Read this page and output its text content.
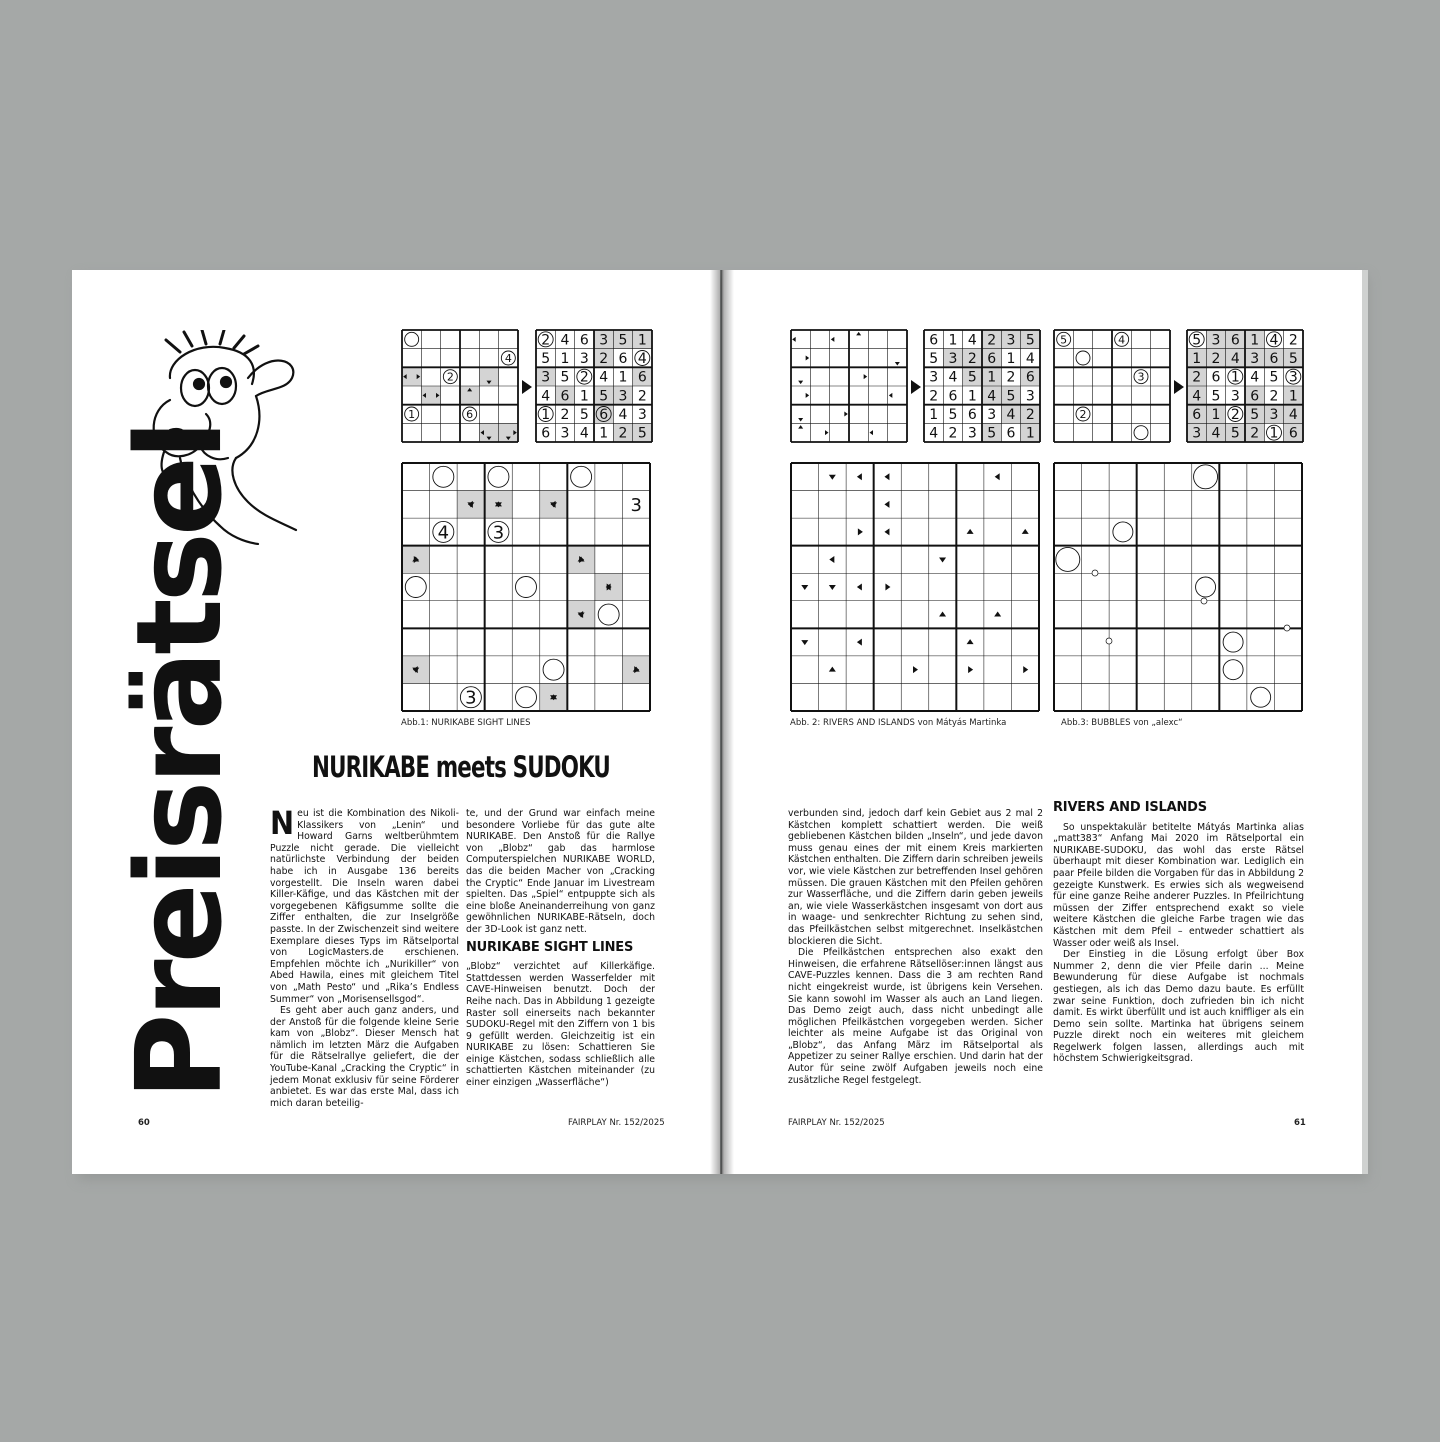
Preisrätsel
4
2
1	6
2 4 6 3 5 1
5 1 3 2 6 4
3 5 2 4 1 6
4 6 1 5 3 2
1 2 5 6 4 3
6 3 4 1 2 5
3
4 3
3
Abb.1: NURIKABE SIGHT LINES
6 1 4 2 3 5
5 3 2 6 1 4
3 4 5 1 2 6
2 6 1 4 5 3
1 5 6 3 4 2
4 2 3 5 6 1
Abb. 2: RIVERS AND ISLANDS von Mátyás Martinka
5	4
3
2
5 3 6 1 4 2
1 2 4 3 6 5
2 6 1 4 5 3
4 5 3 6 2 1
6 1 2 5 3 4
3 4 5 2 1 6
Abb.3: BUBBLES von „alexc“
NURIKABE meets SUDOKU

Neu ist die Kombination des Nikoli-Klassikers von „Lenin“ und Howard Garns weltberühmtem Puzzle nicht gerade. Die vielleicht natürlichste Verbindung der beiden habe ich in Ausgabe 136 bereits vorgestellt. Die Inseln waren dabei Killer-Käfige, und das Kästchen mit der vorgegebenen Käfigsumme sollte die Ziffer enthalten, die zur Inselgröße passte. In der Zwischenzeit sind weitere Exemplare dieses Typs im Rätselportal von LogicMasters.de erschienen. Empfehlen möchte ich „Nurikiller“ von Abed Hawila, eines mit gleichem Titel von „Math Pesto“ und „Rika’s Endless Summer“ von „Morisensellsgod“.

Es geht aber auch ganz anders, und der Anstoß für die folgende kleine Serie kam von „Blobz“. Dieser Mensch hat nämlich im letzten März die Aufgaben für die Rätselrallye geliefert, die der YouTube-Kanal „Cracking the Cryptic“ in jedem Monat exklusiv für seine Förderer anbietet. Es war das erste Mal, dass ich mich daran beteilig-

te, und der Grund war einfach meine besondere Vorliebe für das gute alte NURIKABE. Den Anstoß für die Rallye von „Blobz“ gab das harmlose Computerspielchen NURIKABE WORLD, das die beiden Macher von „Cracking the Cryptic“ Ende Januar im Livestream spielten. Das „Spiel“ entpuppte sich als eine bloße Aneinanderreihung von ganz gewöhnlichen NURIKABE-Rätseln, doch der 3D-Look ist ganz nett.

NURIKABE SIGHT LINES

„Blobz“ verzichtet auf Killerkäfige. Stattdessen werden Wasserfelder mit CAVE-Hinweisen benutzt. Doch der Reihe nach. Das in Abbildung 1 gezeigte Raster soll einerseits nach bekannter SUDOKU-Regel mit den Ziffern von 1 bis 9 gefüllt werden. Gleichzeitig ist ein NURIKABE zu lösen: Schattieren Sie einige Kästchen, sodass schließlich alle schattierten Kästchen miteinander (zu einer einzigen „Wasserfläche“)

verbunden sind, jedoch darf kein Gebiet aus 2 mal 2 Kästchen komplett schattiert werden. Die weiß gebliebenen Kästchen bilden „Inseln“, und jede davon muss genau eines der mit einem Kreis markierten Kästchen enthalten. Die Ziffern darin schreiben jeweils vor, wie viele Kästchen zur betreffenden Insel gehören müssen. Die grauen Kästchen mit den Pfeilen gehören zur Wasserfläche, und die Ziffern darin geben jeweils an, wie viele Wasserkästchen insgesamt von dort aus in waage- und senkrechter Richtung zu sehen sind, das Pfeilkästchen selbst mitgerechnet. Inselkästchen blockieren die Sicht.

Die Pfeilkästchen entsprechen also exakt den Hinweisen, die erfahrene Rätsellöser:innen längst aus CAVE-Puzzles kennen. Dass die 3 am rechten Rand nicht eingekreist wurde, ist übrigens kein Versehen. Sie kann sowohl im Wasser als auch an Land liegen. Das Demo zeigt auch, dass nicht unbedingt alle möglichen Pfeilkästchen vorgegeben werden. Sicher leichter als meine Aufgabe ist das Original von „Blobz“, das Anfang März im Rätselportal als Appetizer zu seiner Rallye erschien. Und darin hat der Autor für seine zwölf Aufgaben jeweils noch eine zusätzliche Regel festgelegt.

RIVERS AND ISLANDS

So unspektakulär betitelte Mátyás Martinka alias „matt383“ Anfang Mai 2020 im Rätselportal ein NURIKABE-SUDOKU, das wohl das erste Rätsel überhaupt mit dieser Kombination war. Lediglich ein paar Pfeile bilden die Vorgaben für das in Abbildung 2 gezeigte Kunstwerk. Es erwies sich als wegweisend für eine ganze Reihe anderer Puzzles. In Pfeilrichtung müssen der Ziffer entsprechend exakt so viele weitere Kästchen die gleiche Farbe tragen wie das Kästchen mit dem Pfeil – entweder schattiert als Wasser oder weiß als Insel.

Der Einstieg in die Lösung erfolgt über Box Nummer 2, denn die vier Pfeile darin ... Meine Bewunderung für diese Aufgabe ist nochmals gestiegen, als ich das Demo dazu baute. Es erfüllt zwar seine Funktion, doch zufrieden bin ich nicht damit. Es wirkt überfüllt und ist auch kniffliger als ein Demo sein sollte. Martinka hat übrigens seinem Puzzle direkt noch ein weiteres mit gleichem Regelwerk folgen lassen, allerdings auch mit höchstem Schwierigkeitsgrad.

60	FAIRPLAY Nr. 152/2025	FAIRPLAY Nr. 152/2025	61
